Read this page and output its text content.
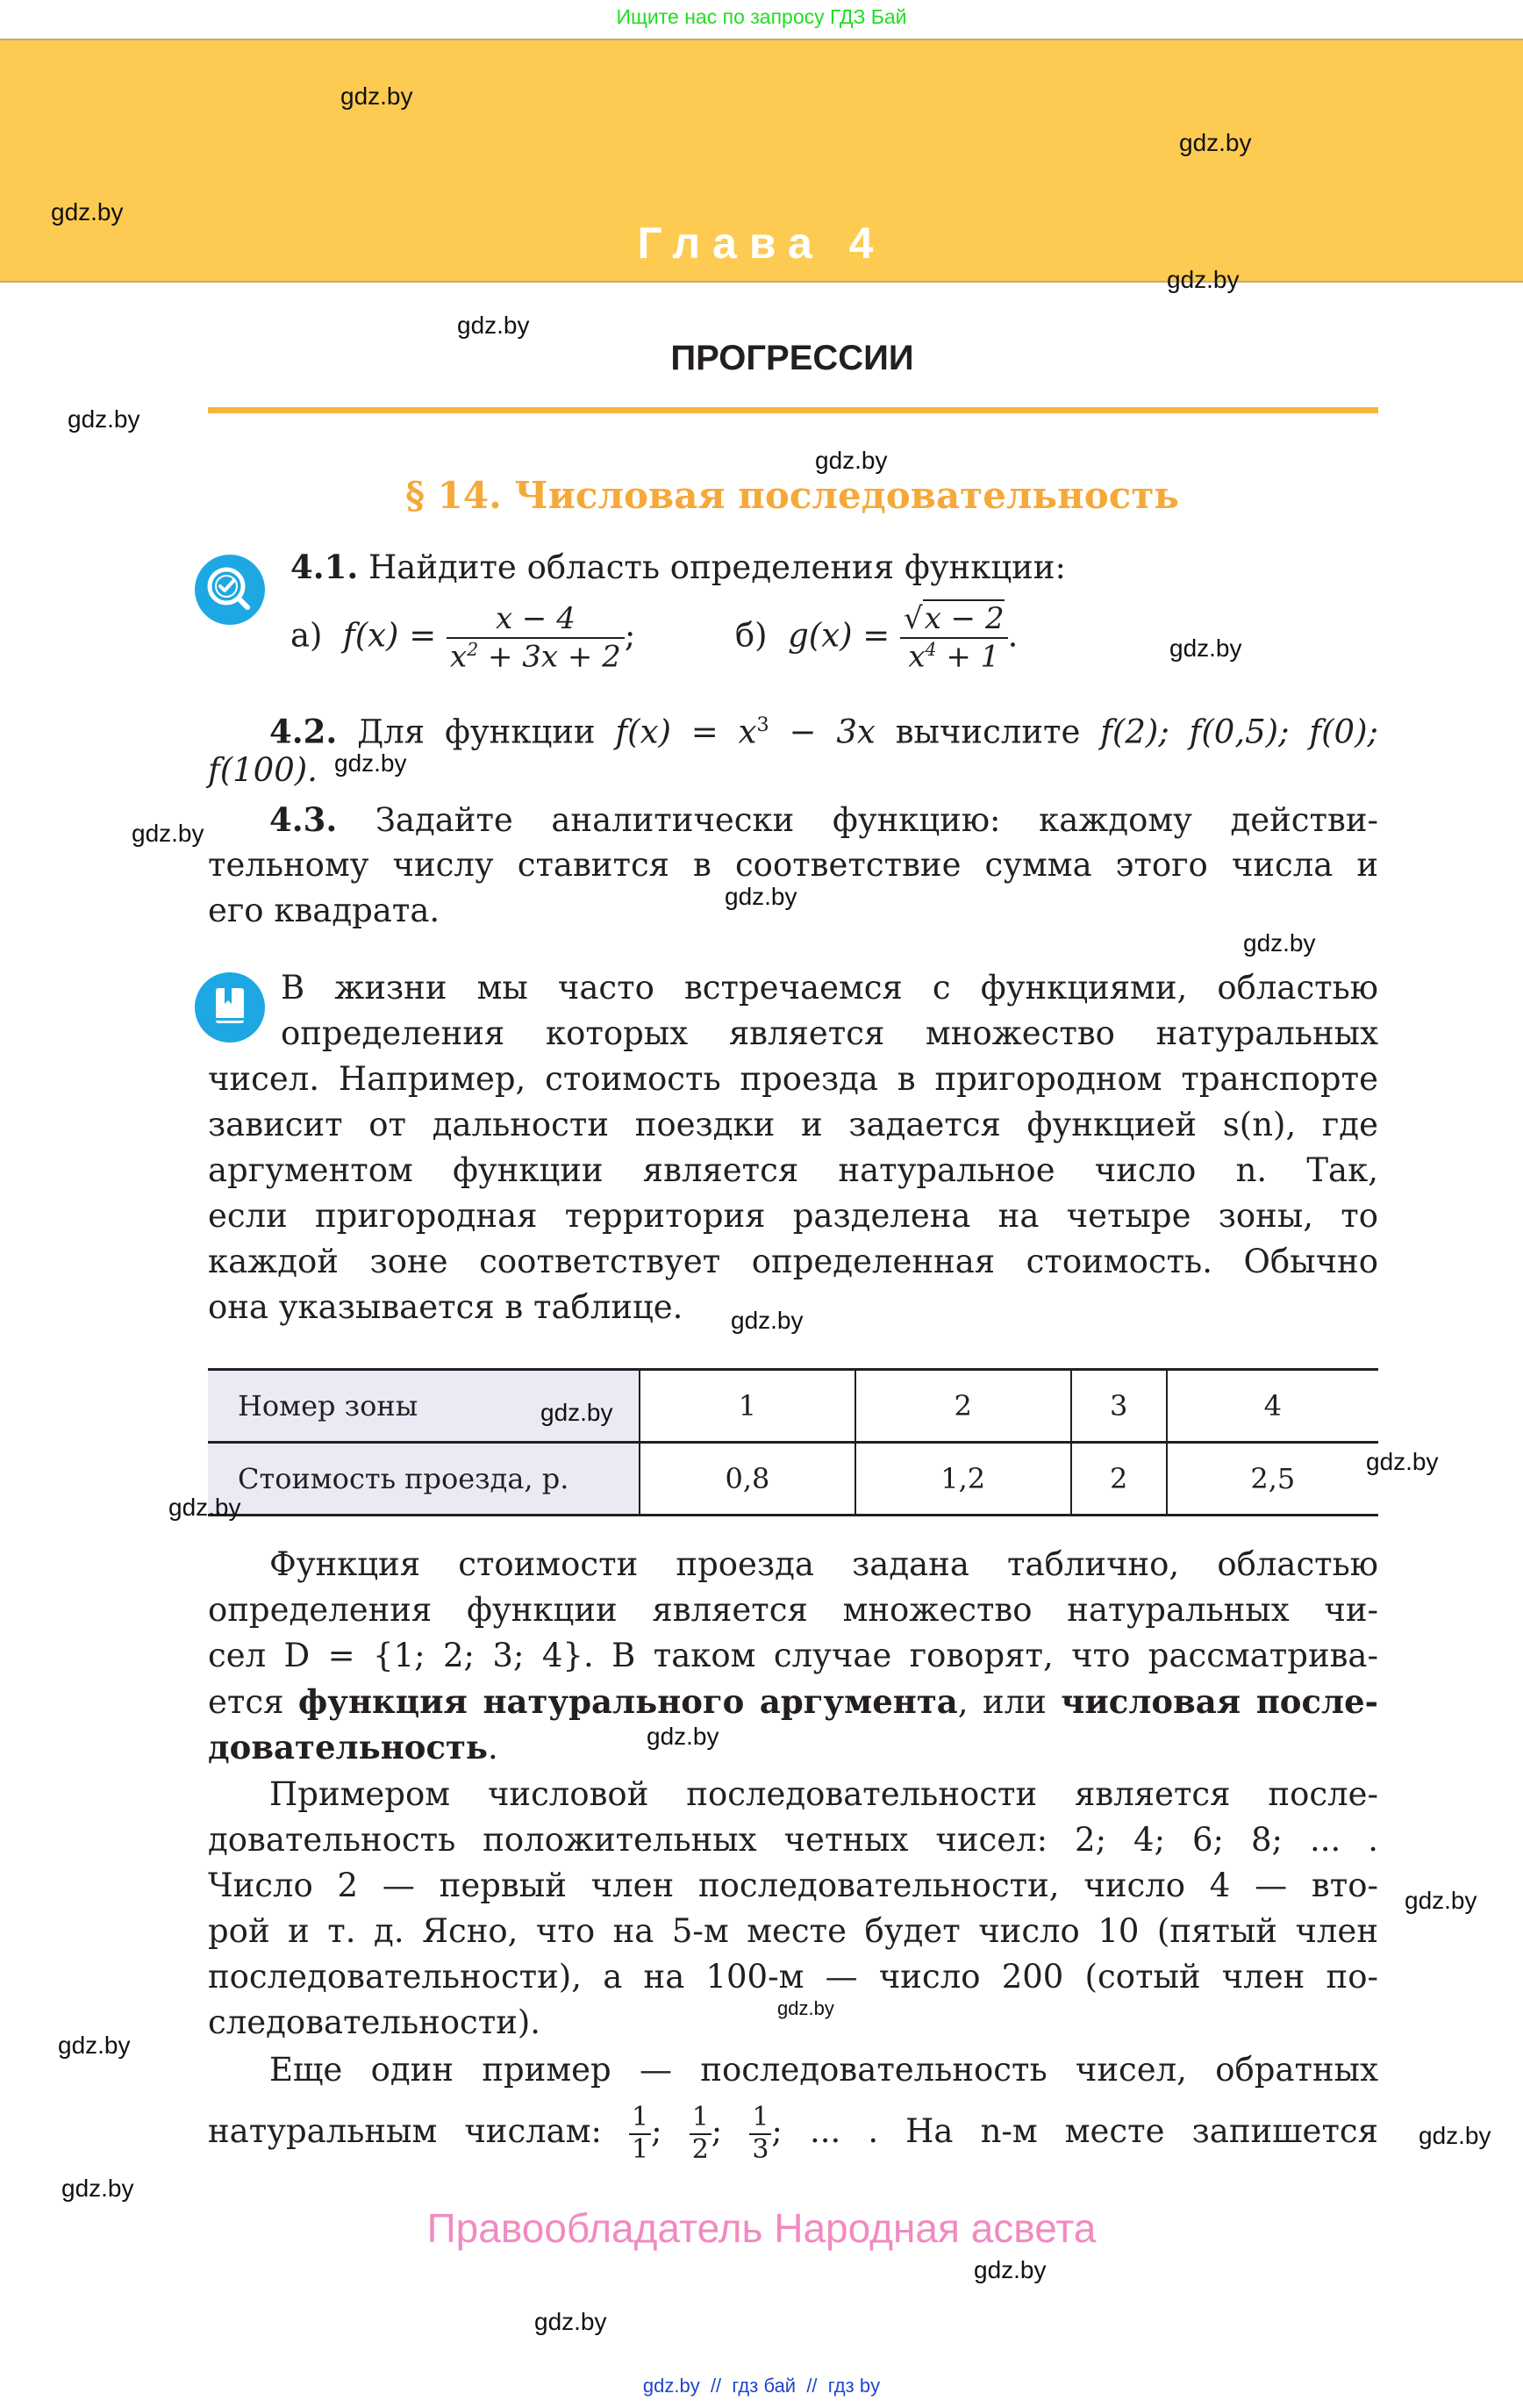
Ищите нас по запросу ГДЗ Бай
Глава 4
ПРОГРЕССИИ
§ 14. Числовая последовательность
4.1. Найдите область определения функции:
а) $f(x) = \frac{x - 4}{x^2 + 3x + 2}$ ;	б) $g(x) = \frac{√x - 2}{x^4 + 1}$ .
4.2. Для функции $f(x) = x^3 - 3x$ вычислите f(2); f(0,5); f(0);
f(100).
4.3. Задайте аналитически функцию: каждому действи-
тельному числу ставится в соответствие сумма этого числа и
его квадрата.
В жизни мы часто встречаемся с функциями, областью
определения которых является множество натуральных
чисел. Например, стоимость проезда в пригородном транспорте
зависит от дальности поездки и задается функцией s(n), где
аргументом функции является натуральное число n. Так,
если пригородная территория разделена на четыре зоны, то
каждой зоне соответствует определенная стоимость. Обычно
она указывается в таблице.
Номер зоны	1	2	3	4
Стоимость проезда, р.	0,8	1,2	2	2,5
Функция стоимости проезда задана таблично, областью
определения функции является множество натуральных чи-
сел D = {1; 2; 3; 4}. В таком случае говорят, что рассматрива-
ется функция натурального аргумента, или числовая после-
довательность.
Примером числовой последовательности является после-
довательность положительных четных чисел: 2; 4; 6; 8; ... .
Число 2 — первый член последовательности, число 4 — вто-
рой и т. д. Ясно, что на 5-м месте будет число 10 (пятый член
последовательности), а на 100-м — число 200 (сотый член по-
следовательности).
Еще один пример — последовательность чисел, обратных
натуральным числам: $\frac{1}{1}$ ; $\frac{1}{2}$ ; $\frac{1}{3}$ ; ... . На n-м месте запишется
gdz.by
gdz.by
gdz.by
gdz.by
gdz.by
gdz.by
gdz.by
gdz.by
gdz.by
gdz.by
gdz.by
gdz.by
gdz.by
gdz.by
gdz.by
gdz.by
gdz.by
gdz.by
gdz.by
gdz.by
gdz.by
gdz.by
gdz.by
gdz.by
Правообладатель Народная асвета
gdz.by  //  гдз бай  //  гдз by
